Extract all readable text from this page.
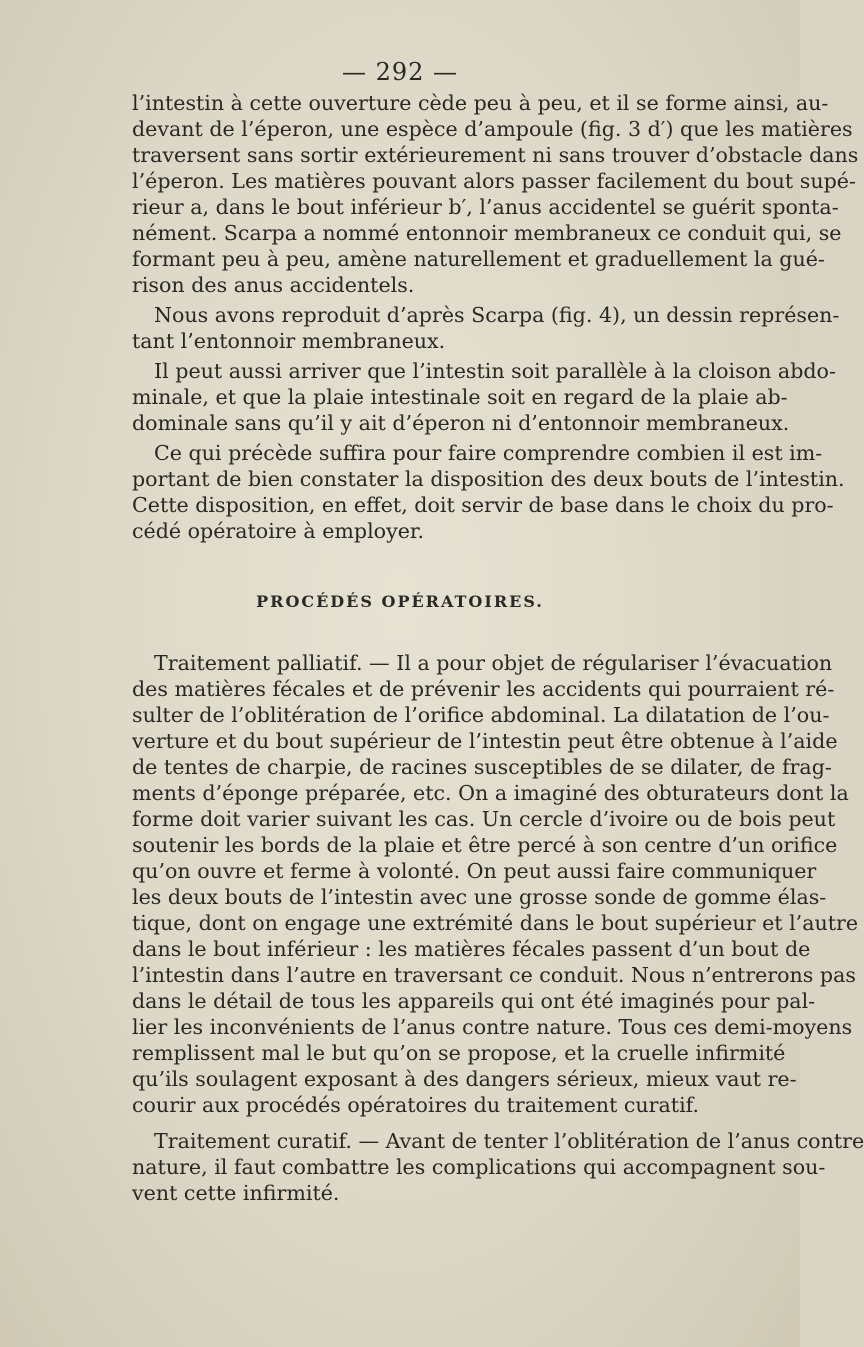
— 292 —
l’intestin à cette ouverture cède peu à peu, et il se forme ainsi, au-
devant de l’éperon, une espèce d’ampoule (fig. 3 d′) que les matières
traversent sans sortir extérieurement ni sans trouver d’obstacle dans
l’éperon. Les matières pouvant alors passer facilement du bout supé-
rieur a, dans le bout inférieur b′, l’anus accidentel se guérit sponta-
nément. Scarpa a nommé entonnoir membraneux ce conduit qui, se
formant peu à peu, amène naturellement et graduellement la gué-
rison des anus accidentels.
Nous avons reproduit d’après Scarpa (fig. 4), un dessin représen-
tant l’entonnoir membraneux.
Il peut aussi arriver que l’intestin soit parallèle à la cloison abdo-
minale, et que la plaie intestinale soit en regard de la plaie ab-
dominale sans qu’il y ait d’éperon ni d’entonnoir membraneux.
Ce qui précède suffira pour faire comprendre combien il est im-
portant de bien constater la disposition des deux bouts de l’intestin.
Cette disposition, en effet, doit servir de base dans le choix du pro-
cédé opératoire à employer.
PROCÉDÉS OPÉRATOIRES.
Traitement palliatif. — Il a pour objet de régulariser l’évacuation
des matières fécales et de prévenir les accidents qui pourraient ré-
sulter de l’oblitération de l’orifice abdominal. La dilatation de l’ou-
verture et du bout supérieur de l’intestin peut être obtenue à l’aide
de tentes de charpie, de racines susceptibles de se dilater, de frag-
ments d’éponge préparée, etc. On a imaginé des obturateurs dont la
forme doit varier suivant les cas. Un cercle d’ivoire ou de bois peut
soutenir les bords de la plaie et être percé à son centre d’un orifice
qu’on ouvre et ferme à volonté. On peut aussi faire communiquer
les deux bouts de l’intestin avec une grosse sonde de gomme élas-
tique, dont on engage une extrémité dans le bout supérieur et l’autre
dans le bout inférieur : les matières fécales passent d’un bout de
l’intestin dans l’autre en traversant ce conduit. Nous n’entrerons pas
dans le détail de tous les appareils qui ont été imaginés pour pal-
lier les inconvénients de l’anus contre nature. Tous ces demi-moyens
remplissent mal le but qu’on se propose, et la cruelle infirmité
qu’ils soulagent exposant à des dangers sérieux, mieux vaut re-
courir aux procédés opératoires du traitement curatif.
Traitement curatif. — Avant de tenter l’oblitération de l’anus contre
nature, il faut combattre les complications qui accompagnent sou-
vent cette infirmité.
